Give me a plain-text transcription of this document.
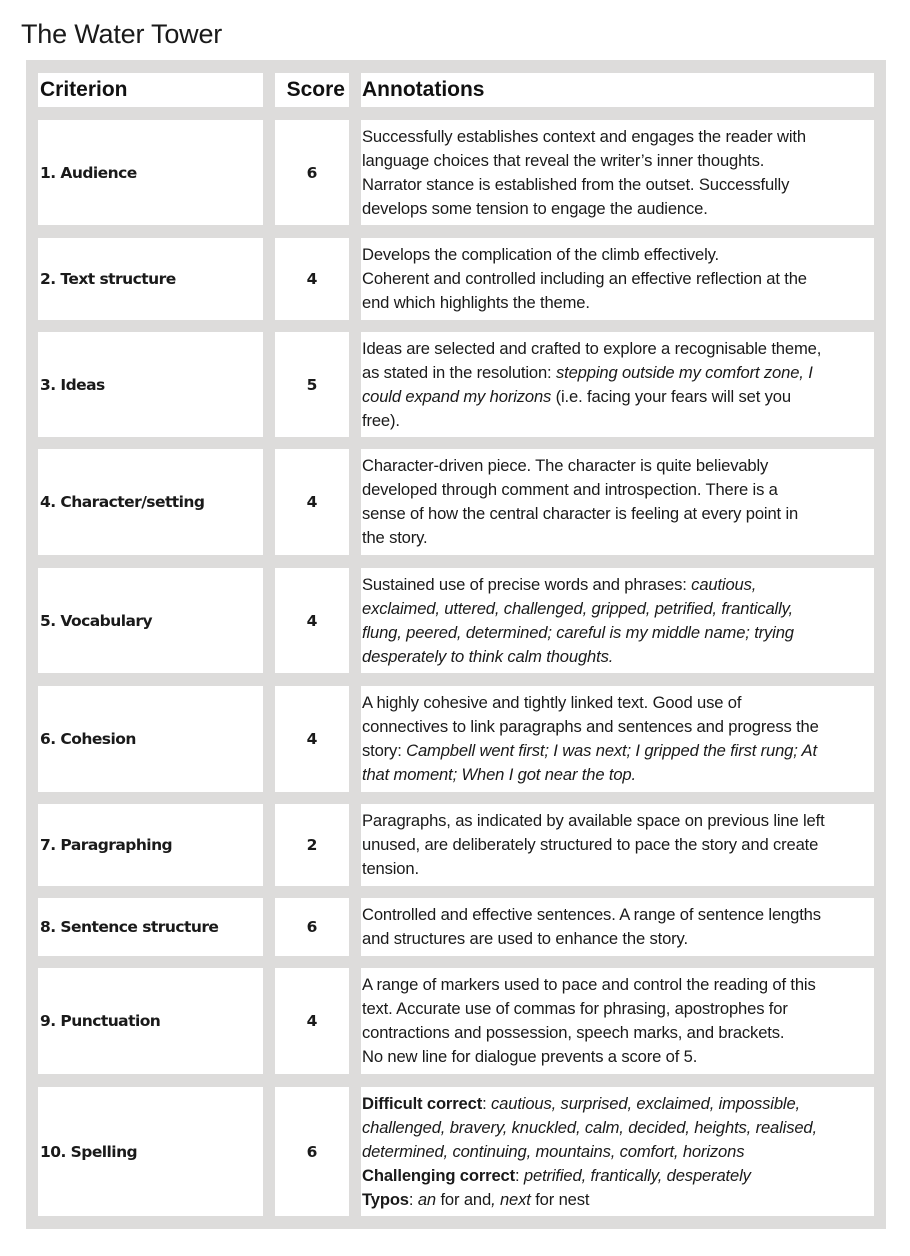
The Water Tower
Criterion	Score Annotations
1. Audience	6
Successfully establishes context and engages the reader with
language choices that reveal the writer’s inner thoughts.
Narrator stance is established from the outset. Successfully
develops some tension to engage the audience.
2. Text structure	4
Develops the complication of the climb effectively.
Coherent and controlled including an effective reflection at the
end which highlights the theme.
3. Ideas	5
Ideas are selected and crafted to explore a recognisable theme,
as stated in the resolution: stepping outside my comfort zone, I
could expand my horizons (i.e. facing your fears will set you
free).
4. Character/setting	4
Character-driven piece. The character is quite believably
developed through comment and introspection. There is a
sense of how the central character is feeling at every point in
the story.
5. Vocabulary	4
Sustained use of precise words and phrases: cautious,
exclaimed, uttered, challenged, gripped, petrified, frantically,
flung, peered, determined; careful is my middle name; trying
desperately to think calm thoughts.
6. Cohesion	4
A highly cohesive and tightly linked text. Good use of
connectives to link paragraphs and sentences and progress the
story: Campbell went first; I was next; I gripped the first rung; At
that moment; When I got near the top.
7. Paragraphing	2
Paragraphs, as indicated by available space on previous line left
unused, are deliberately structured to pace the story and create
tension.
8. Sentence structure	6
Controlled and effective sentences. A range of sentence lengths
and structures are used to enhance the story.
9. Punctuation	4
A range of markers used to pace and control the reading of this
text. Accurate use of commas for phrasing, apostrophes for
contractions and possession, speech marks, and brackets.
No new line for dialogue prevents a score of 5.
10. Spelling	6
Difficult correct: cautious, surprised, exclaimed, impossible,
challenged, bravery, knuckled, calm, decided, heights, realised,
determined, continuing, mountains, comfort, horizons
Challenging correct: petrified, frantically, desperately
Typos: an for and, next for nest
